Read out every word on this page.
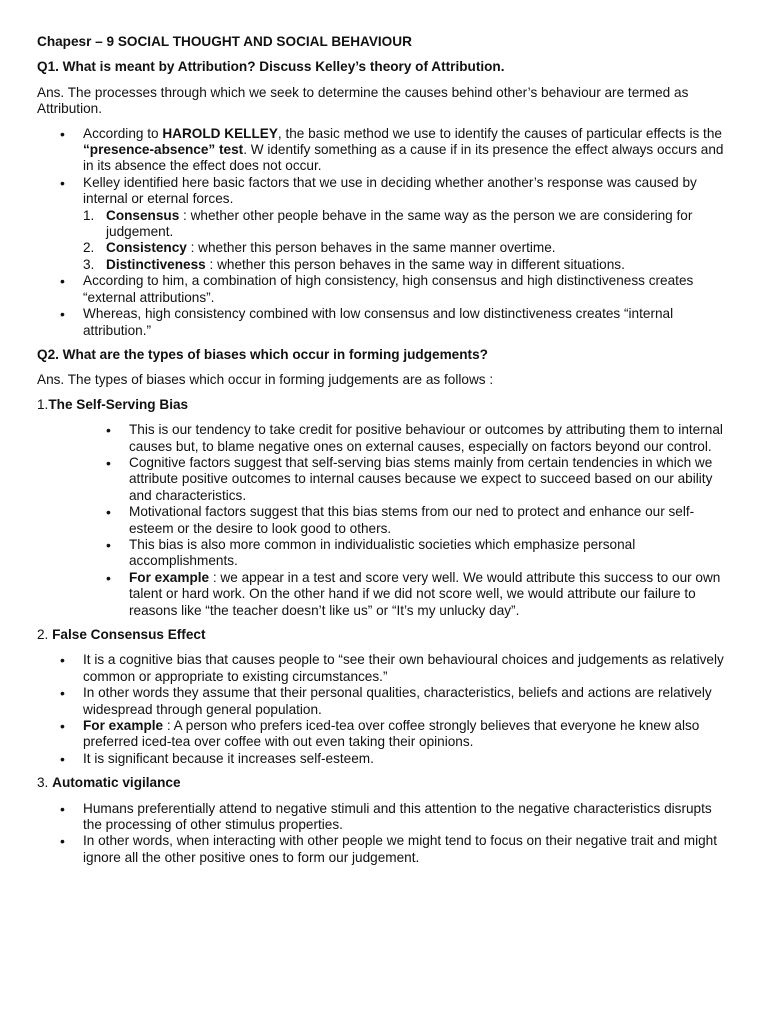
Chapesr – 9 SOCIAL THOUGHT AND SOCIAL BEHAVIOUR

Q1. What is meant by Attribution? Discuss Kelley’s theory of Attribution.

Ans. The processes through which we seek to determine the causes behind other’s behaviour are termed as Attribution.

• According to HAROLD KELLEY, the basic method we use to identify the causes of particular effects is the “presence-absence” test. W identify something as a cause if in its presence the effect always occurs and in its absence the effect does not occur.
• Kelley identified here basic factors that we use in deciding whether another’s response was caused by internal or eternal forces.
1. Consensus : whether other people behave in the same way as the person we are considering for judgement.
2. Consistency : whether this person behaves in the same manner overtime.
3. Distinctiveness : whether this person behaves in the same way in different situations.
• According to him, a combination of high consistency, high consensus and high distinctiveness creates “external attributions”.
• Whereas, high consistency combined with low consensus and low distinctiveness creates “internal attribution.”

Q2. What are the types of biases which occur in forming judgements?

Ans. The types of biases which occur in forming judgements are as follows :

1.The Self-Serving Bias

• This is our tendency to take credit for positive behaviour or outcomes by attributing them to internal causes but, to blame negative ones on external causes, especially on factors beyond our control.
• Cognitive factors suggest that self-serving bias stems mainly from certain tendencies in which we attribute positive outcomes to internal causes because we expect to succeed based on our ability and characteristics.
• Motivational factors suggest that this bias stems from our ned to protect and enhance our self-esteem or the desire to look good to others.
• This bias is also more common in individualistic societies which emphasize personal accomplishments.
• For example : we appear in a test and score very well. We would attribute this success to our own talent or hard work. On the other hand if we did not score well, we would attribute our failure to reasons like “the teacher doesn’t like us” or “It’s my unlucky day”.

2. False Consensus Effect

• It is a cognitive bias that causes people to “see their own behavioural choices and judgements as relatively common or appropriate to existing circumstances.”
• In other words they assume that their personal qualities, characteristics, beliefs and actions are relatively widespread through general population.
• For example : A person who prefers iced-tea over coffee strongly believes that everyone he knew also preferred iced-tea over coffee with out even taking their opinions.
• It is significant because it increases self-esteem.

3. Automatic vigilance

• Humans preferentially attend to negative stimuli and this attention to the negative characteristics disrupts the processing of other stimulus properties.
• In other words, when interacting with other people we might tend to focus on their negative trait and might ignore all the other positive ones to form our judgement.
